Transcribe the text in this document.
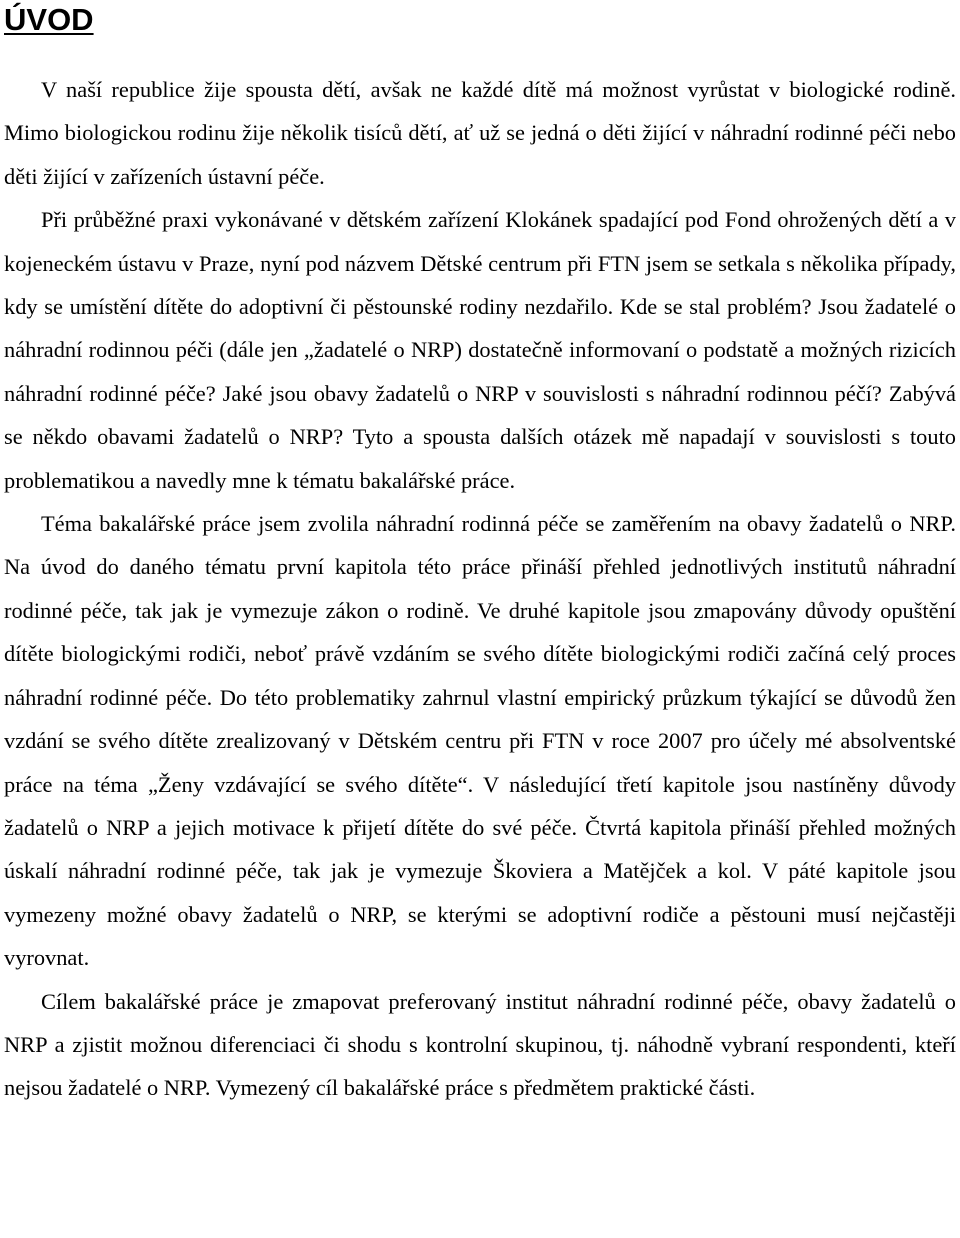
ÚVOD

V naší republice žije spousta dětí, avšak ne každé dítě má možnost vyrůstat v biologické rodině. Mimo biologickou rodinu žije několik tisíců dětí, ať už se jedná o děti žijící v náhradní rodinné péči nebo děti žijící v zařízeních ústavní péče.

Při průběžné praxi vykonávané v dětském zařízení Klokánek spadající pod Fond ohrožených dětí a v kojeneckém ústavu v Praze, nyní pod názvem Dětské centrum při FTN jsem se setkala s několika případy, kdy se umístění dítěte do adoptivní či pěstounské rodiny nezdařilo. Kde se stal problém? Jsou žadatelé o náhradní rodinnou péči (dále jen „žadatelé o NRP) dostatečně informovaní o podstatě a možných rizicích náhradní rodinné péče? Jaké jsou obavy žadatelů o NRP v souvislosti s náhradní rodinnou péčí? Zabývá se někdo obavami žadatelů o NRP? Tyto a spousta dalších otázek mě napadají v souvislosti s touto problematikou a navedly mne k tématu bakalářské práce.

Téma bakalářské práce jsem zvolila náhradní rodinná péče se zaměřením na obavy žadatelů o NRP. Na úvod do daného tématu první kapitola této práce přináší přehled jednotlivých institutů náhradní rodinné péče, tak jak je vymezuje zákon o rodině. Ve druhé kapitole jsou zmapovány důvody opuštění dítěte biologickými rodiči, neboť právě vzdáním se svého dítěte biologickými rodiči začíná celý proces náhradní rodinné péče. Do této problematiky zahrnul vlastní empirický průzkum týkající se důvodů žen vzdání se svého dítěte zrealizovaný v Dětském centru při FTN v roce 2007 pro účely mé absolventské práce na téma „Ženy vzdávající se svého dítěte“. V následující třetí kapitole jsou nastíněny důvody žadatelů o NRP a jejich motivace k přijetí dítěte do své péče. Čtvrtá kapitola přináší přehled možných úskalí náhradní rodinné péče, tak jak je vymezuje Škoviera a Matějček a kol. V páté kapitole jsou vymezeny možné obavy žadatelů o NRP, se kterými se adoptivní rodiče a pěstouni musí nejčastěji vyrovnat.

Cílem bakalářské práce je zmapovat preferovaný institut náhradní rodinné péče, obavy žadatelů o NRP a zjistit možnou diferenciaci či shodu s kontrolní skupinou, tj. náhodně vybraní respondenti, kteří nejsou žadatelé o NRP. Vymezený cíl bakalářské práce s předmětem praktické části.
